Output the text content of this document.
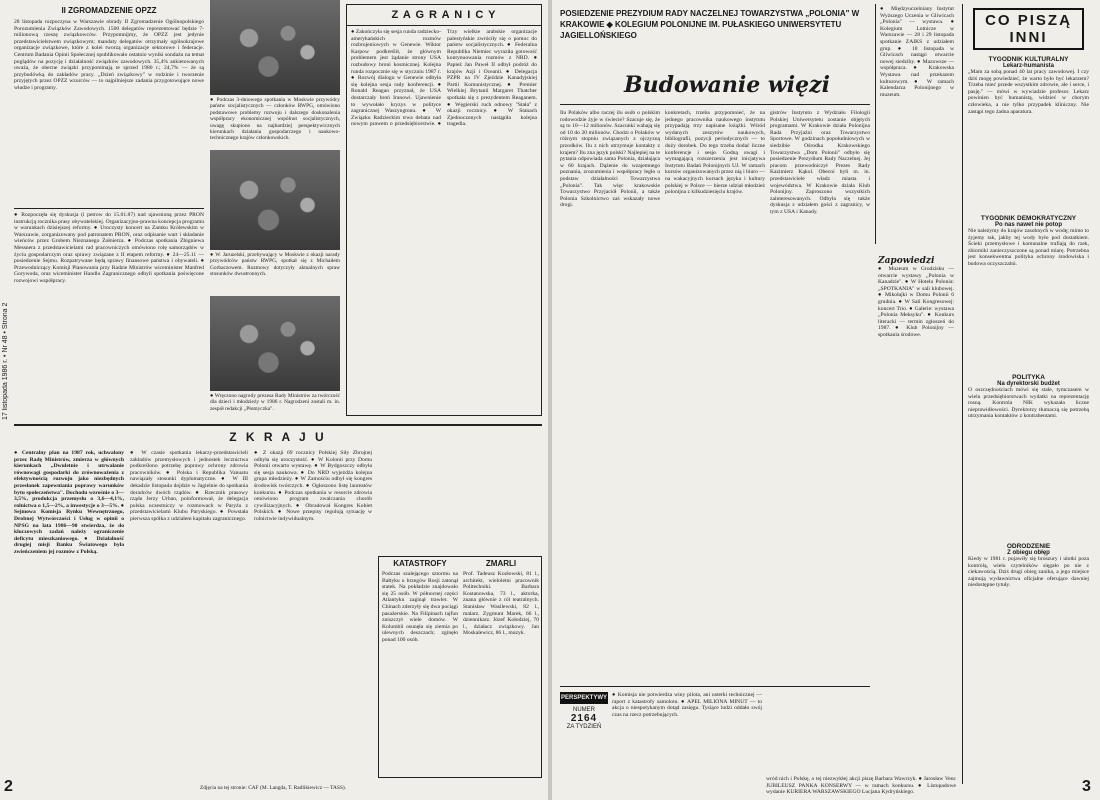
17 listopada 1986 r. • Nr 48 • Strona 2
II ZGROMADZENIE OPZZ
28 listopada rozpoczyna w Warszawie obrady II Zgromadzenie Ogólnopolskiego Porozumienia Związków Zawodowych. 1500 delegatów reprezentować będzie 7-milionową rzeszę związkowców. Przypomnijmy, że OPZZ jest jedynie przedstawicielstwem związkowym; mandaty delegatów otrzymały ogólnokrajowe organizacje związkowe, które z kolei tworzą organizacje sektorowe i federacje. Centrum Badania Opinii Społecznej opublikowało ostatnio wyniki sondażu na temat poglądów na pozycję i działalność związków zawodowych. 35,4% ankietowanych uważa, że obecne związki przypominają te sprzed 1980 r.; 24,7% — że są przybudówką do zakładów pracy. „Dzień związkowy" w rodzinie i tworzenie przyjętych przez OPZZ wzorców — to najpilniejsze zadania przygotowujące nowe władze i programy.
● Rozpoczęła się dyskusja (i petrow do 15.01.87) nad ujawnioną przez PRON instrukcją rocznika prasy obywatelskiej. Organizacyjno-prawna koncepcja programu w warunkach dzisiejszej reformy. ● Uroczysty koncert na Zamku Królewskim w Warszawie, zorganizowany pod patronatem PRON, oraz odpisanie wart i składanie wieńców przez Grobem Nieznanego Żołnierza. ● Podczas spotkania Zbigniewa Messnera z przedstawicielami rad pracowniczych omówiono rolę samorządów w życiu gospodarczym oraz sprawy związane z II etapem reformy. ● 24—25.11 — posiedzenie Sejmu. Rozpatrywane będą sprawy finansowe państwa i obywateli. ● Przewodniczący Komisji Planowania przy Radzie Ministrów wiceminister Manfred Gorywoda, oraz wiceminister Handlu Zagranicznego odbyli spotkania poświęcone rozwojowi współpracy.
● Podczas 3-dniowego spotkania w Moskwie przywódcy państw socjalistycznych — członków RWPG, omówiono podstawowe problemy rozwoju i dalszego doskonalenia współpracy ekonomicznej wspólnot socjalistycznych, uwagę skupiono na najbardziej perspektywicznych kierunkach działania gospodarczego i naukowo-technicznego krajów członkowskich.
● W. Jaruzelski, przebywający w Moskwie z okazji narady przywódców państw RWPG, spotkał się z Michaiłem Gorbaczowem. Rozmowy dotyczyły aktualnych spraw stosunków dwustronnych.
● Wręczono nagrody prezesa Rady Ministrów za twórczość dla dzieci i młodzieży w 1986 r. Nagrodzeni zostali m. in. zespół redakcji „Płomyczka".
Z A G R A N I C Y
● Zakończyła się sesja runda radziecko-amerykańskich rozmów rozbrojeniowych w Genewie. Wiktor Karpow podkreślił, że głównym problemem jest żądanie strony USA rozbudowy broni kosmicznej. Kolejna runda rozpocznie się w styczniu 1987 r. ● Rozwój dialogu w Genewie odbyła się kolejna sesja rady konferencji. ● Ronald Reagan przyznał, że USA dostarczały broń Iranowi. Ujawnienie to wywołało kryzys w polityce zagranicznej Waszyngtonu. ● W Związku Radzieckim trwa debata nad nowym prawem o przedsiębiorstwie. ● Trzy wielkie arabskie organizacje palestyńskie zwróciły się o pomoc do państw socjalistycznych. ● Federalna Republika Niemiec wyraziła gotowość kontynuowania rozmów z NRD. ● Papież Jan Paweł II odbył podróż do krajów Azji i Oceanii. ● Delegacja PZPR na IV Zjeździe Kanadyjskiej Partii Komunistycznej. ● Premier Wielkiej Brytanii Margaret Thatcher spotkała się z prezydentem Reaganem. ● Węgierski ruch odnowy "Stała" z okazji rocznicy. ● W Stanach Zjednoczonych nastąpiła kolejna tragedia.
Z K R A J U
● Centralny plan na 1987 rok, uchwalony przez Radę Ministrów, zmierza w głównych kierunkach „Dwuletnie i utrwalanie równowagi gospodarki do zrównoważenia z efektywnością rozwoju jako niezbędnych przesłanek zapewniania poprawy warunków bytu społeczeństwa". Dochodu wzrośnie o 3—3,5%, produkcja przemysłu o 3,6—4,1%, rolnictwa o 1,5—2%, a inwestycje o 3—5%. ● Sejmowa Komisja Rynku Wewnętrznego, Drobnej Wytwórczości i Usług w opinii o NPSG na lata 1986—90 stwierdza, że do kluczowych zadań należy ograniczenie deficytu mieszkaniowego. ● Działalność drugiej misji Banku Światowego była zwieńczeniem jej rozmów z Polską.
● W czasie spotkania lekarzy-przedstawicieli zakładów przemysłowych i jednostek lecznictwa podkreślono potrzebę poprawy ochrony zdrowia pracowników. ● Polska i Republika Vanuatu nawiązały stosunki dyplomatyczne. ● W III dekadzie listopada dojdzie w Jagielnie do spotkania doradców dwóch rządów. ● Rzecznik prasowy rządu Jerzy Urban, poinformował, że delegacja polska uczestniczy w rozmowach w Paryżu z przedstawicielami Klubu Paryskiego. ● Powstała pierwsza spółka z udziałem kapitału zagranicznego.
● Z okazji 69 rocznicy Polskiej Siły Zbrojnej odbyła się uroczystość. ● W Kolonii przy Domu Polonii otwarto wystawę. ● W Bydgoszczy odbyła się sesja naukowa. ● Do NRD wyjeżdża kolejna grupa młodzieży. ● W Zamościu odbył się kongres środowisk twórczych. ● Ogłoszono listę laureatów konkursu. ● Podczas spotkania w resorcie zdrowia omówiono program zwalczania chorób cywilizacyjnych. ● Obradował Kongres Kobiet Polskich. ● Nowe przepisy regulują sytuację w rolnictwie indywidualnym.
KATASTROFY
Podczas szalejącego sztormu na Bałtyku u brzegów Rosji zatonął statek. Na pokładzie znajdowało się 25 osób. W północnej części Atlantyku zaginął trawler. W Chinach zderzyły się dwa pociągi pasażerskie. Na Filipinach tajfun zniszczył wiele domów. W Kolumbii osunęła się ziemia po ulewnych deszczach; zginęło ponad 100 osób.
ZMARLI
Prof. Tadeusz Kozłowski, 81 l., architekt, wieloletni pracownik Politechniki. Barbara Kostanowska, 73 l., aktorka, znana głównie z ról teatralnych. Stanisław Wasilewski, 82 l., malarz. Zygmunt Marek, 66 l., dziennikarz. Józef Kołodziej, 70 l., działacz związkowy. Jan Moskalewicz, 86 l., muzyk.
Zdjęcia na tej stronie: CAF (M. Langda, T. Radlikiewicz — TASS).
2
POSIEDZENIE PREZYDIUM RADY NACZELNEJ TOWARZYSTWA „POLONIA" W KRAKOWIE ◆ KOLEGIUM POLONIJNE IM. PUŁASKIEGO UNIWERSYTETU JAGIELLOŃSKIEGO
Budowanie więzi
Ilu Polaków albo raczej ilu osób o polskim rodowodzie żyje w świecie? Szacuje się, że są to 10—12 milionów. Szacunki wahają się od 10 do 20 milionów. Chodzi o Polaków w różnym stopniu związanych z ojczyzną przodków. Ilu z nich utrzymuje kontakty z krajem? Ilu zna język polski? Najlepiej na te pytania odpowiada sama Polonia, działająca w 60 krajach. Dążenie do wzajemnego poznania, zrozumienia i współpracy legło u podstaw działalności Towarzystwa „Polonia". Tak więc krakowskie Towarzystwo Przyjaciół Polonii, a także Polonia Szkolnictwo zaś wskazały nowe drogi.
konkretach, trzeba przypomnieć, że na jednego pracownika naukowego instytutu przypadają trzy napisane książki. Wśród wydanych zeszytów naukowych, bibliografii, pozycji periodycznych — to duży dorobek. Do tego trzeba dodać liczne konferencje i sesje. Godną uwagi i wymagającą rozszerzenia jest inicjatywa Instytutu Badań Polonijnych UJ. W ramach kursów organizowanych przez nią i biuro — na wakacyjnych kursach języka i kultury polskiej w Polsce — bierze udział młodzież polonijna z kilkudziesięciu krajów.
gistrów Instytutu z Wydziału Filologii Polskiej Uniwersytetu zostanie objętych programami. W Krakowie działa Polonijna Rada Przyjaźni oraz Towarzystwo Sportowe. W godzinach popołudniowych w siedzibie Ośrodka Krakowskiego Towarzystwa „Dom Polonii" odbyło się posiedzenie Prezydium Rady Naczelnej. Jej pracom przewodniczył Prezes Rady Kazimierz Kąkol. Obecni byli m. in. przedstawiciele władz miasta i województwa. W Krakowie działa Klub Polonijny. Zaproszono wszystkich zainteresowanych. Odbyła się także dyskusja z udziałem gości z zagranicy, w tym z USA i Kanady.
● Międzyuczelniany Instytut Wyższego Uczenia w Gliwicach „Polonia" — wystawa. ● Kolegium Lotnicze w Warszawie — 28 i 29 listopada spotkanie ZAIKS z udziałem grup. ● 18 listopada w Gliwicach nastąpi otwarcie nowej siedziby. ● Mazowsze — współpraca. ● Krakowska Wystawa nad przekazem kulturowym. ● W ramach Kalendarza Polonijnego w muzeum.
Zapowiedzi
● Muzeum w Grodzisku — otwarcie wystawy „Polonia w Kanadzie". ● W Hotelu Polonia: „SPOTKANIA" w sali klubowej. ● Mikołajki w Domu Polonii 6 grudnia. ● W Sali Kongresowej: koncert Trio. ● Galerie: wystawa „Polonia Meksyku". ● Konkurs literacki — termin zgłoszeń do 1987. ● Klub Polonijny — spotkania środowe.
CO PISZĄ INNI
TYGODNIK KULTURALNY
Lekarz-humanista
„Mam za sobą ponad 40 lat pracy zawodowej. I czy dziś mogę powiedzieć, że warto było być lekarzem? Trzeba mieć przede wszystkim zdrowie, ale i serce, i pasję." — mówi w wywiadzie profesor. Lekarz powinien być humanistą, widzieć w chorym człowieka, a nie tylko przypadek kliniczny. Nie zastąpi tego żadna aparatura.
TYGODNIK DEMOKRATYCZNY
Po nas nawet nie potop
Nie należymy do krajów zasobnych w wodę; mimo to żyjemy tak, jakby tej wody było pod dostatkiem. Ścieki przemysłowe i komunalne trafiają do rzek, zbiorniki zanieczyszczone są ponad miarę. Potrzebna jest konsekwentna polityka ochrony środowiska i budowa oczyszczalni.
POLITYKA
Na dyrektorski budżet
O oszczędnościach mówi się stale, tymczasem w wielu przedsiębiorstwach wydatki na reprezentację rosną. Kontrola NIK wykazała liczne nieprawidłowości. Dyrektorzy tłumaczą się potrzebą utrzymania kontaktów z kontrahentami.
ODRODZENIE
Z obiegu obłęp
Kiedy w 1981 r. pojawiły się broszury i ulotki poza kontrolą, wielu czytelników sięgało po nie z ciekawością. Dziś drugi obieg zanika, a jego miejsce zajmują wydawnictwa oficjalne oferujące dawniej niedostępne tytuły.
PERSPEKTYWY
NUMER
2164
ZA TYDZIEŃ
● Komisja nie potwierdza winy pilota, ani usterki technicznej — raport z katastrofy samolotu. ● APEL MILIONA MINUT — to akcja o niespotykanym dotąd zasięgu. Tysiące ludzi oddało swój czas na rzecz potrzebujących.
wród nich i Polskę, o tej niezwykłej akcji piszę Barbara Wawrzyk. ● Jarosław Venc JUBILEUSZ PANKA KONSERWY — w ramach konkursu. ● Listopadowe wydanie KURIERA WARSZAWSKIEGO Lucjana Kydryńskiego.	3
